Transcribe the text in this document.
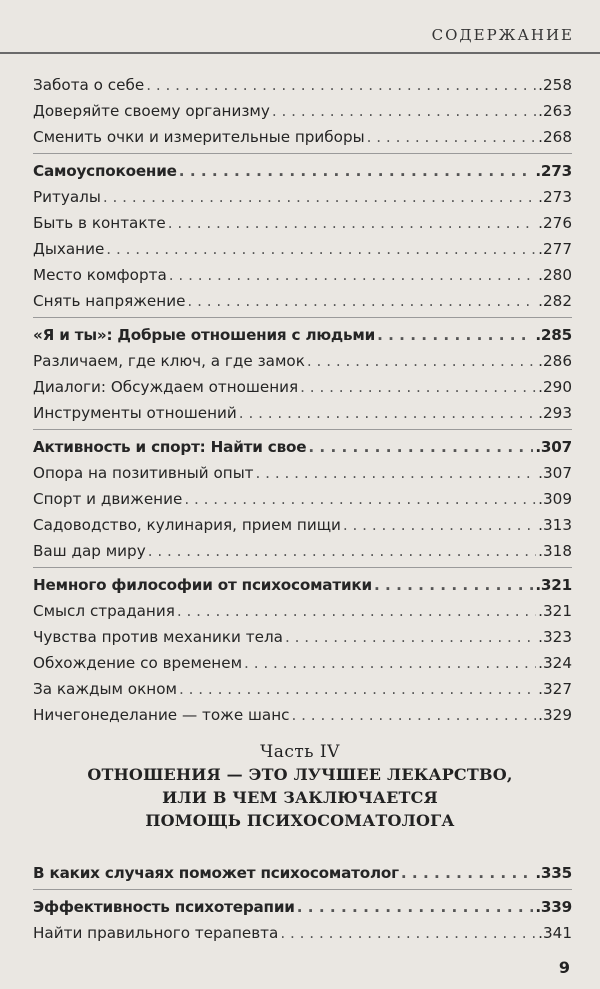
СОДЕРЖАНИЕ
Забота о себе . . .	.258
Доверяйте своему организму . . .	.263
Сменить очки и измерительные приборы . . .	.268
Самоуспокоение . . .	.273
Ритуалы . . .	.273
Быть в контакте . . .	.276
Дыхание . . .	.277
Место комфорта . . .	.280
Снять напряжение . . .	.282
«Я и ты»: Добрые отношения с людьми . . .	.285
Различаем, где ключ, а где замок . . .	.286
Диалоги: Обсуждаем отношения . . .	.290
Инструменты отношений . . .	.293
Активность и спорт: Найти свое . . .	.307
Опора на позитивный опыт . . .	.307
Спорт и движение . . .	.309
Садоводство, кулинария, прием пищи . . .	.313
Ваш дар миру . . .	.318
Немного философии от психосоматики . . .	.321
Смысл страдания . . .	.321
Чувства против механики тела . . .	.323
Обхождение со временем . . .	.324
За каждым окном . . .	.327
Ничегонеделание — тоже шанс . . .	.329
Часть IV
ОТНОШЕНИЯ — ЭТО ЛУЧШЕЕ ЛЕКАРСТВО,
ИЛИ В ЧЕМ ЗАКЛЮЧАЕТСЯ
ПОМОЩЬ ПСИХОСОМАТОЛОГА
В каких случаях поможет психосоматолог . . .	.335
Эффективность психотерапии . . .	.339
Найти правильного терапевта . . .	.341
9
